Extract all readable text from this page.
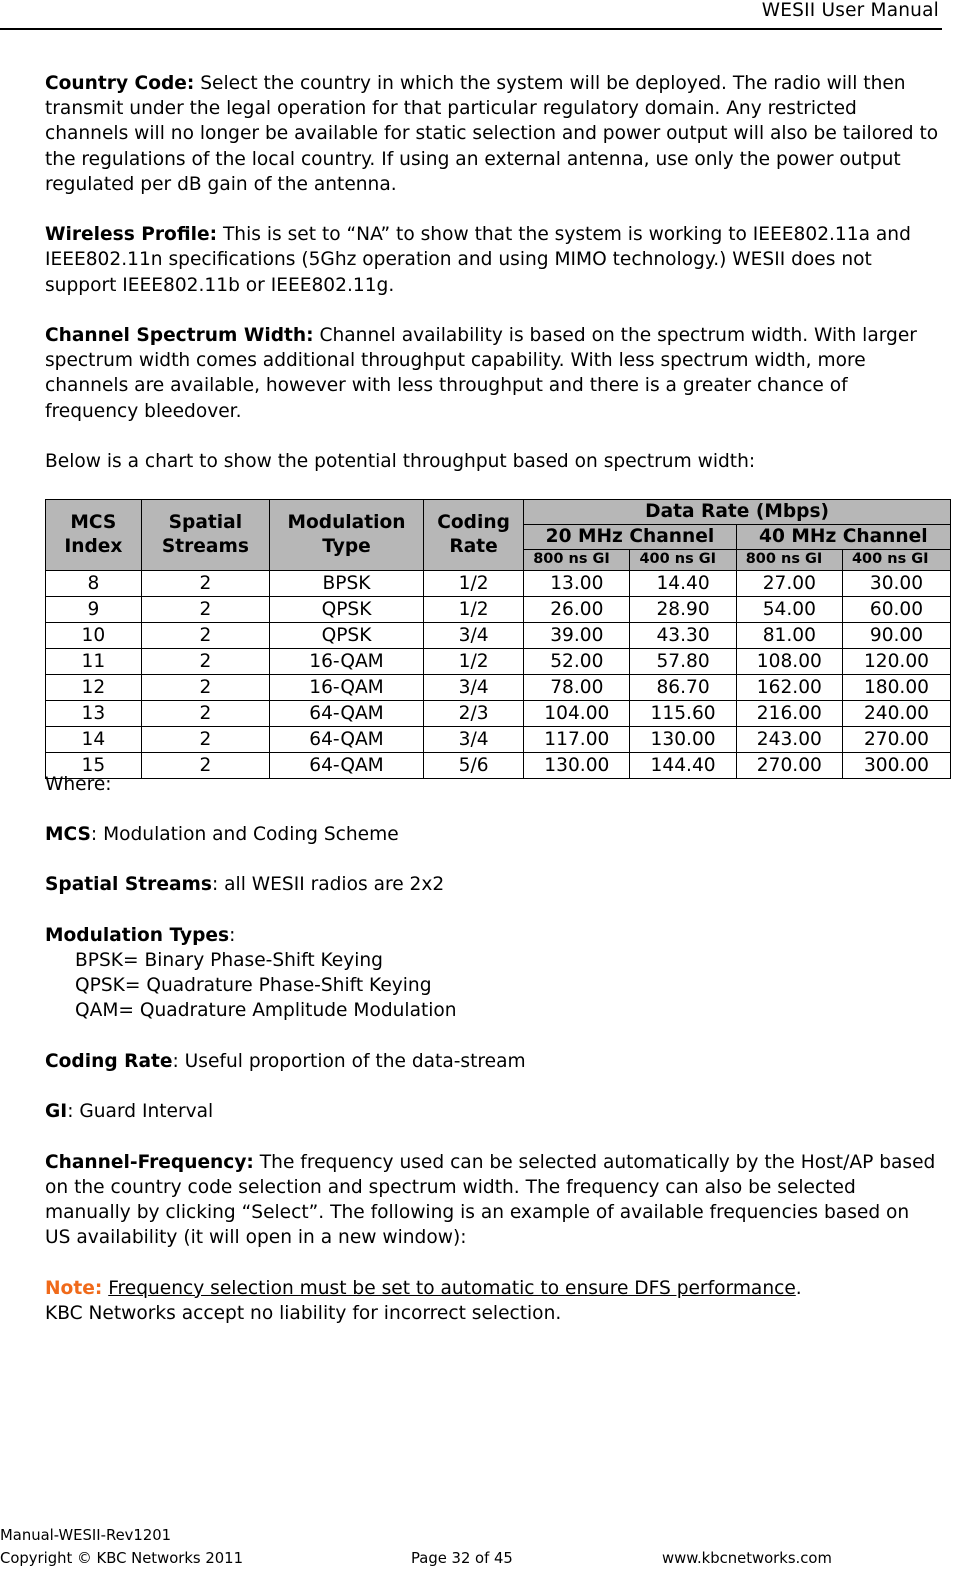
WESII User Manual

Country Code: Select the country in which the system will be deployed. The radio will then transmit under the legal operation for that particular regulatory domain. Any restricted channels will no longer be available for static selection and power output will also be tailored to the regulations of the local country. If using an external antenna, use only the power output regulated per dB gain of the antenna.

Wireless Profile: This is set to “NA” to show that the system is working to IEEE802.11a and IEEE802.11n specifications (5Ghz operation and using MIMO technology.) WESII does not support IEEE802.11b or IEEE802.11g.

Channel Spectrum Width: Channel availability is based on the spectrum width. With larger spectrum width comes additional throughput capability. With less spectrum width, more channels are available, however with less throughput and there is a greater chance of frequency bleedover.

Below is a chart to show the potential throughput based on spectrum width:

MCS Index	Spatial Streams	Modulation Type	Coding Rate	Data Rate (Mbps)			
				20 MHz Channel		40 MHz Channel	
				800 ns GI	400 ns GI	800 ns GI	400 ns GI
8	2	BPSK	1/2	13.00	14.40	27.00	30.00
9	2	QPSK	1/2	26.00	28.90	54.00	60.00
10	2	QPSK	3/4	39.00	43.30	81.00	90.00
11	2	16-QAM	1/2	52.00	57.80	108.00	120.00
12	2	16-QAM	3/4	78.00	86.70	162.00	180.00
13	2	64-QAM	2/3	104.00	115.60	216.00	240.00
14	2	64-QAM	3/4	117.00	130.00	243.00	270.00
15	2	64-QAM	5/6	130.00	144.40	270.00	300.00
Where:

MCS: Modulation and Coding Scheme

Spatial Streams: all WESII radios are 2x2

Modulation Types:
BPSK= Binary Phase-Shift Keying
QPSK= Quadrature Phase-Shift Keying
QAM= Quadrature Amplitude Modulation

Coding Rate: Useful proportion of the data-stream

GI: Guard Interval

Channel-Frequency: The frequency used can be selected automatically by the Host/AP based on the country code selection and spectrum width. The frequency can also be selected manually by clicking “Select”. The following is an example of available frequencies based on US availability (it will open in a new window):

Note: Frequency selection must be set to automatic to ensure DFS performance.
KBC Networks accept no liability for incorrect selection.

Manual-WESII-Rev1201
Copyright © KBC Networks 2011	Page 32 of 45	www.kbcnetworks.com
